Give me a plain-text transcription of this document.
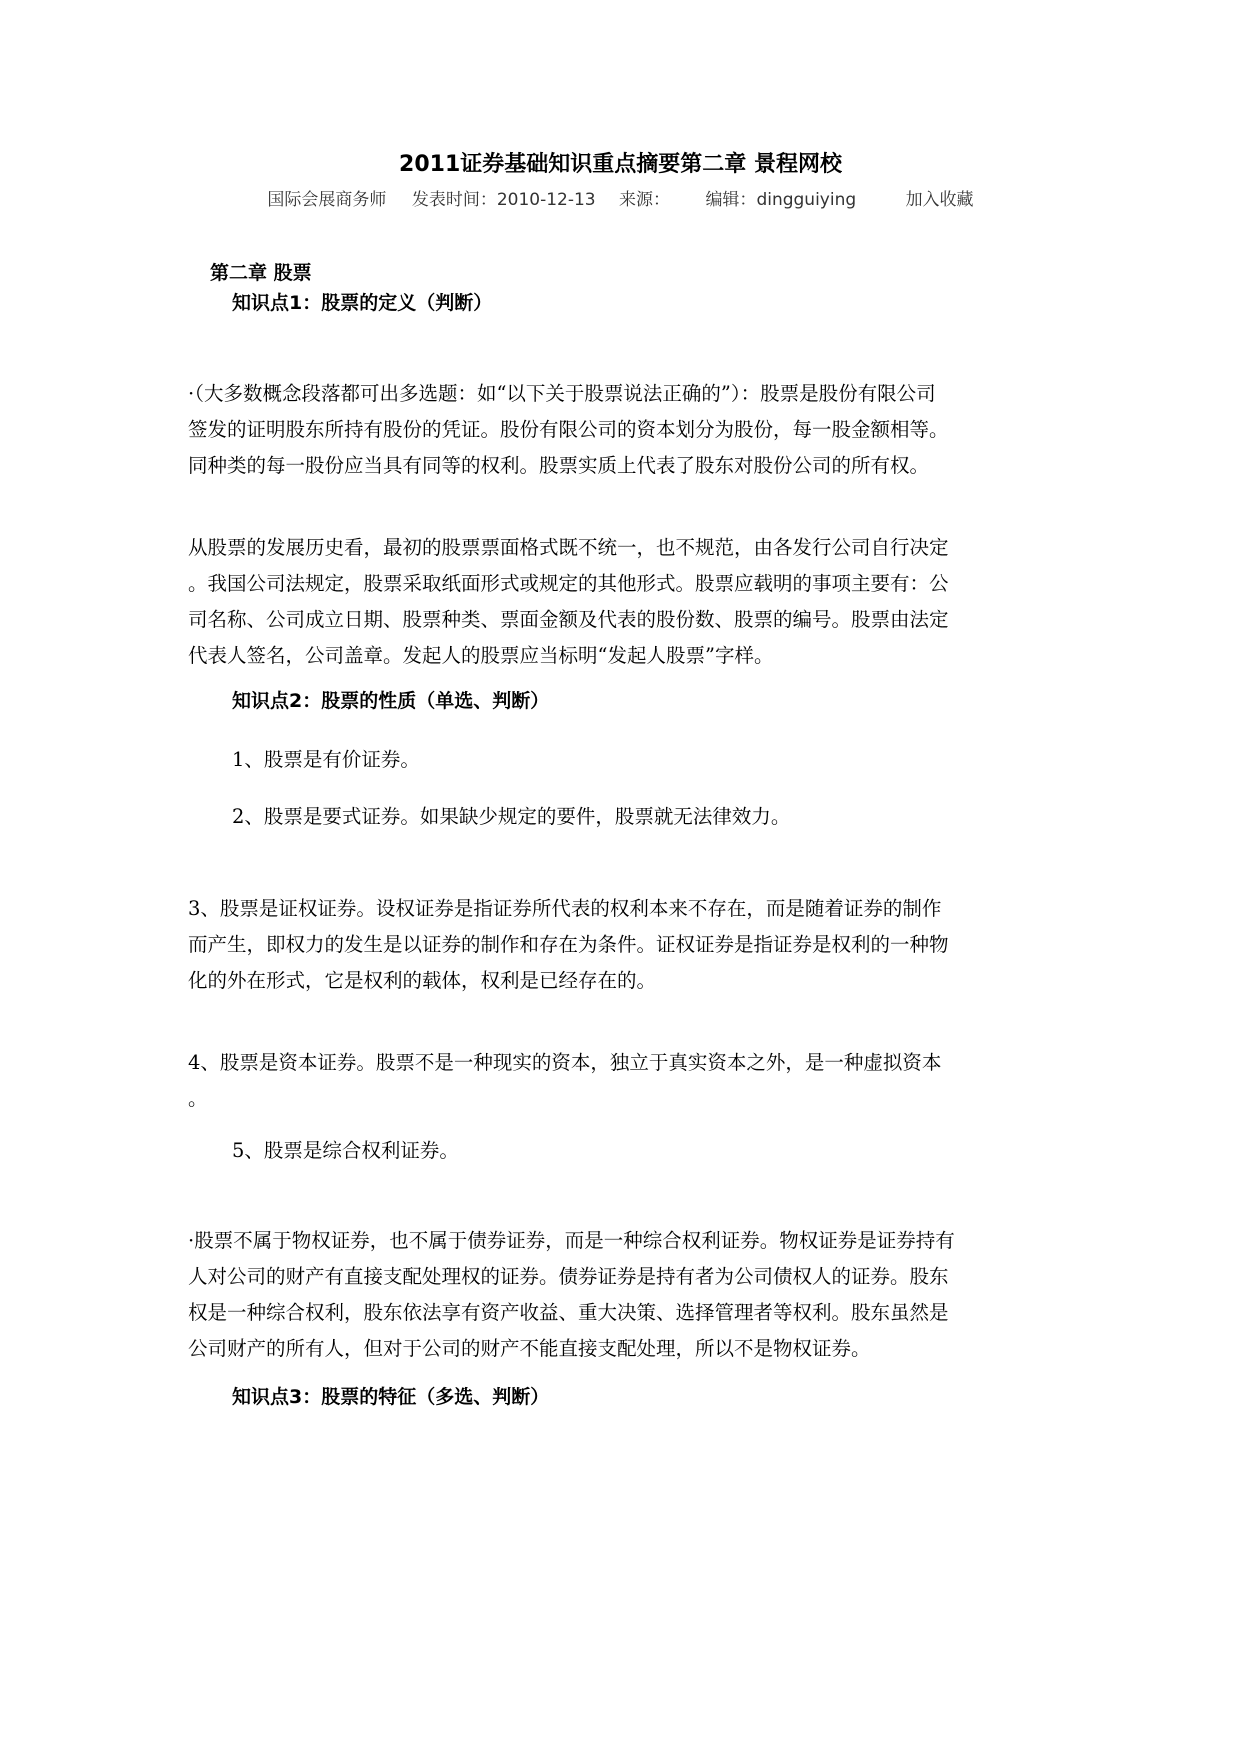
2011证券基础知识重点摘要第二章 景程网校
国际会展商务师 发表时间：2010-12-13 来源： 编辑：dingguiying	加入收藏
第二章 股票
知识点1：股票的定义（判断）
·（大多数概念段落都可出多选题：如“以下关于股票说法正确的”）：股票是股份有限公司
签发的证明股东所持有股份的凭证。股份有限公司的资本划分为股份，每一股金额相等。
同种类的每一股份应当具有同等的权利。股票实质上代表了股东对股份公司的所有权。
从股票的发展历史看，最初的股票票面格式既不统一，也不规范，由各发行公司自行决定
。我国公司法规定，股票采取纸面形式或规定的其他形式。股票应载明的事项主要有：公
司名称、公司成立日期、股票种类、票面金额及代表的股份数、股票的编号。股票由法定
代表人签名，公司盖章。发起人的股票应当标明“发起人股票”字样。
知识点2：股票的性质（单选、判断）
1、股票是有价证券。
2、股票是要式证券。如果缺少规定的要件，股票就无法律效力。
3、股票是证权证券。设权证券是指证券所代表的权利本来不存在，而是随着证券的制作
而产生，即权力的发生是以证券的制作和存在为条件。证权证券是指证券是权利的一种物
化的外在形式，它是权利的载体，权利是已经存在的。
4、股票是资本证券。股票不是一种现实的资本，独立于真实资本之外，是一种虚拟资本
。
5、股票是综合权利证券。
·股票不属于物权证券，也不属于债券证券，而是一种综合权利证券。物权证券是证券持有
人对公司的财产有直接支配处理权的证券。债券证券是持有者为公司债权人的证券。股东
权是一种综合权利，股东依法享有资产收益、重大决策、选择管理者等权利。股东虽然是
公司财产的所有人，但对于公司的财产不能直接支配处理，所以不是物权证券。
知识点3：股票的特征（多选、判断）
